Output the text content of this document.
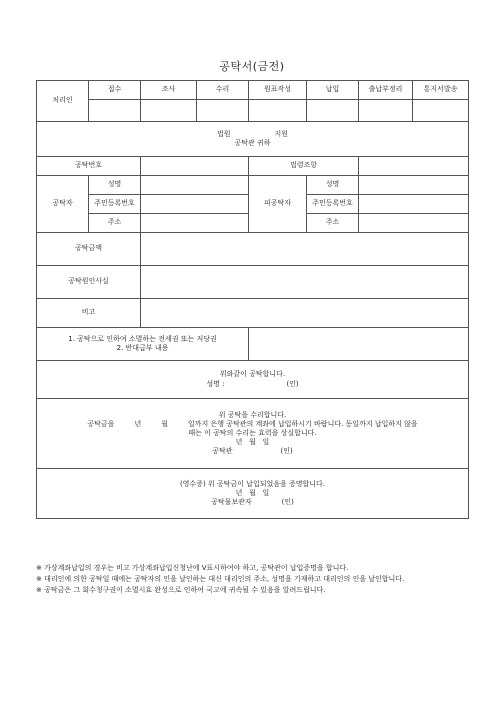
공탁서(금전)
처리인	접수	조사	수리	원표작성	납입	출납부정리	통지서발송

법원 지원
공탁관 귀하							

공탁번호				법령조항			
공탁자	성명			피공탁자	성명		
	주민등록번호				주민등록번호		
	주소				주소		
공탁금액							
공탁원인사실							
비고							

1. 공탁으로 인하여 소멸하는 전세권 또는 저당권
2. 반대급부 내용							

위와같이 공탁합니다.
성명 : (인)							

위 공탁을 수리합니다.
공탁금을 년 월 일까지 은행 공탁관의 계좌에 납입하시기 바랍니다. 동일까지 납입하지 않을
때는 이 공탁의 수리는 효력을 상실합니다.
년   월   일
공탁관 (인)							

(영수증) 위 공탁금이 납입되었음을 증명합니다.
년   월   일
공탁물보관자 (인)							

※ 가상계좌납입의 경우는 비고 가상계좌납입신청난에 V표시하여야 하고, 공탁관이 납입증명을 합니다.

※ 대리인에 의한 공탁일 때에는 공탁자의 인을 날인하는 대신 대리인의 주소, 성명을 기재하고 대리인의 인을 날인합니다.

※ 공탁금은 그 회수청구권이 소멸시효 완성으로 인하여 국고에 귀속될 수 있음을 알려드립니다.
